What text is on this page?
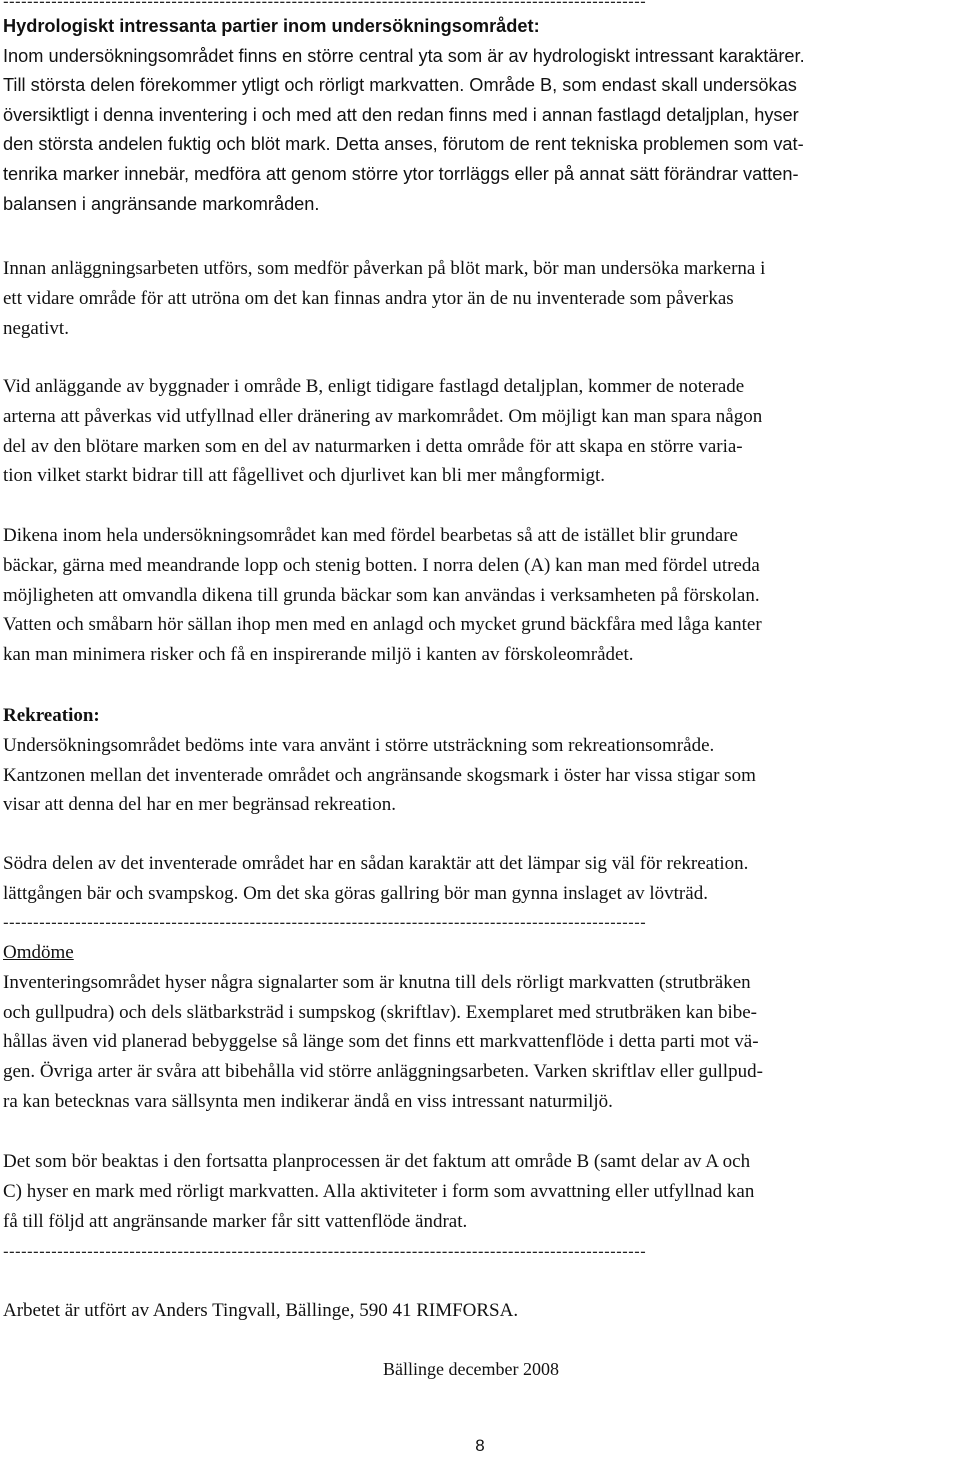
-----------------------------------------------------------------------------------------------------------

Hydrologiskt intressanta partier inom undersökningsområdet:
Inom undersökningsområdet finns en större central yta som är av hydrologiskt intressant karaktärer.
Till största delen förekommer ytligt och rörligt markvatten. Område B, som endast skall undersökas
översiktligt i denna inventering i och med att den redan finns med i annan fastlagd detaljplan, hyser
den största andelen fuktig och blöt mark. Detta anses, förutom de rent tekniska problemen som vat-
tenrika marker innebär, medföra att genom större ytor torrläggs eller på annat sätt förändrar vatten-
balansen i angränsande markområden.

Innan anläggningsarbeten utförs, som medför påverkan på blöt mark, bör man undersöka markerna i
ett vidare område för att utröna om det kan finnas andra ytor än de nu inventerade som påverkas
negativt.

Vid anläggande av byggnader i område B, enligt tidigare fastlagd detaljplan, kommer de noterade
arterna att påverkas vid utfyllnad eller dränering av markområdet. Om möjligt kan man spara någon
del av den blötare marken som en del av naturmarken i detta område för att skapa en större varia-
tion vilket starkt bidrar till att fågellivet och djurlivet kan bli mer mångformigt.

Dikena inom hela undersökningsområdet kan med fördel bearbetas så att de istället blir grundare
bäckar, gärna med meandrande lopp och stenig botten. I norra delen (A) kan man med fördel utreda
möjligheten att omvandla dikena till grunda bäckar som kan användas i verksamheten på förskolan.
Vatten och småbarn hör sällan ihop men med en anlagd och mycket grund bäckfåra med låga kanter
kan man minimera risker och få en inspirerande miljö i kanten av förskoleområdet.

Rekreation:
Undersökningsområdet bedöms inte vara använt i större utsträckning som rekreationsområde.
Kantzonen mellan det inventerade området och angränsande skogsmark i öster har vissa stigar som
visar att denna del har en mer begränsad rekreation.

Södra delen av det inventerade området har en sådan karaktär att det lämpar sig väl för rekreation.
lättgången bär och svampskog. Om det ska göras gallring bör man gynna inslaget av lövträd.

-----------------------------------------------------------------------------------------------------------

Omdöme
Inventeringsområdet hyser några signalarter som är knutna till dels rörligt markvatten (strutbräken
och gullpudra) och dels slätbarksträd i sumpskog (skriftlav). Exemplaret med strutbräken kan bibe-
hållas även vid planerad bebyggelse så länge som det finns ett markvattenflöde i detta parti mot vä-
gen. Övriga arter är svåra att bibehålla vid större anläggningsarbeten. Varken skriftlav eller gullpud-
ra kan betecknas vara sällsynta men indikerar ändå en viss intressant naturmiljö.

Det som bör beaktas i den fortsatta planprocessen är det faktum att område B (samt delar av A och
C) hyser en mark med rörligt markvatten. Alla aktiviteter i form som avvattning eller utfyllnad kan
få till följd att angränsande marker får sitt vattenflöde ändrat.

-----------------------------------------------------------------------------------------------------------
Arbetet är utfört av Anders Tingvall, Bällinge, 590 41 RIMFORSA.
Bällinge december 2008
8
